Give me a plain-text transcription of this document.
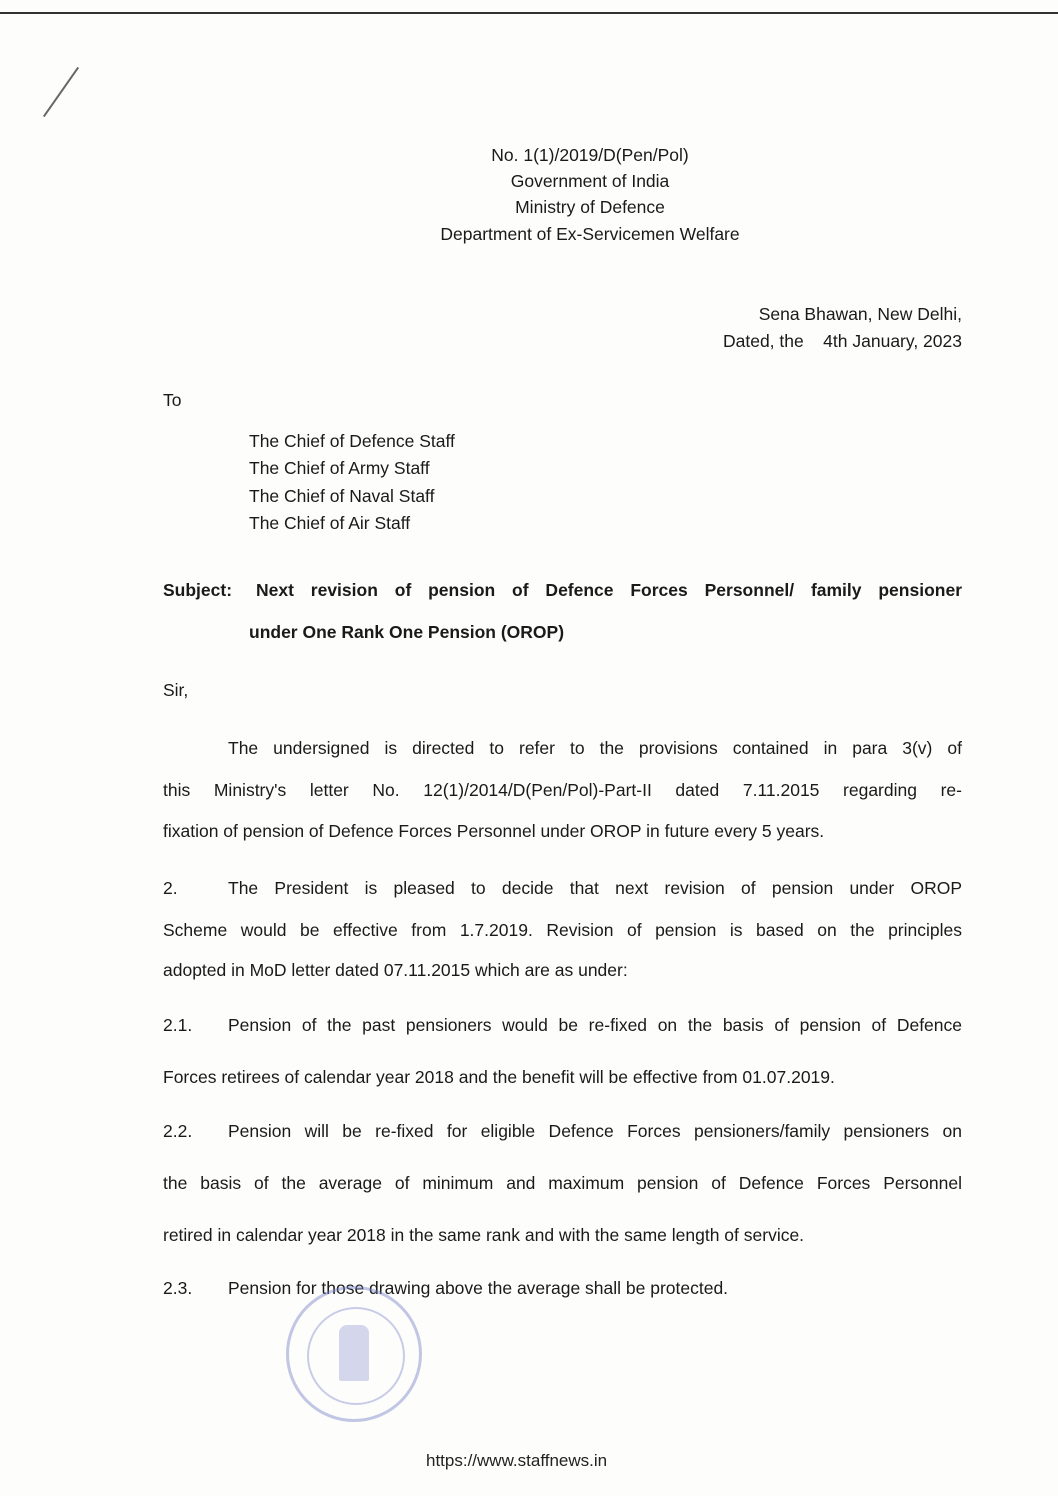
No. 1(1)/2019/D(Pen/Pol)
Government of India
Ministry of Defence
Department of Ex-Servicemen Welfare
Sena Bhawan, New Delhi,
Dated, the    4th January, 2023
To
The Chief of Defence Staff
The Chief of Army Staff
The Chief of Naval Staff
The Chief of Air Staff
Subject: Next revision of pension of Defence Forces Personnel/ family pensioner
under One Rank One Pension (OROP)
Sir,
The undersigned is directed to refer to the provisions contained in para 3(v) of
this Ministry's letter No. 12(1)/2014/D(Pen/Pol)-Part-II dated 7.11.2015 regarding re-
fixation of pension of Defence Forces Personnel under OROP in future every 5 years.
2.	The President is pleased to decide that next revision of pension under OROP
Scheme would be effective from 1.7.2019. Revision of pension is based on the principles
adopted in MoD letter dated 07.11.2015 which are as under:
2.1. Pension of the past pensioners would be re-fixed on the basis of pension of Defence
Forces retirees of calendar year 2018 and the benefit will be effective from 01.07.2019.
2.2. Pension will be re-fixed for eligible Defence Forces pensioners/family pensioners on
the basis of the average of minimum and maximum pension of Defence Forces Personnel
retired in calendar year 2018 in the same rank and with the same length of service.
2.3. Pension for those drawing above the average shall be protected.
https://www.staffnews.in
